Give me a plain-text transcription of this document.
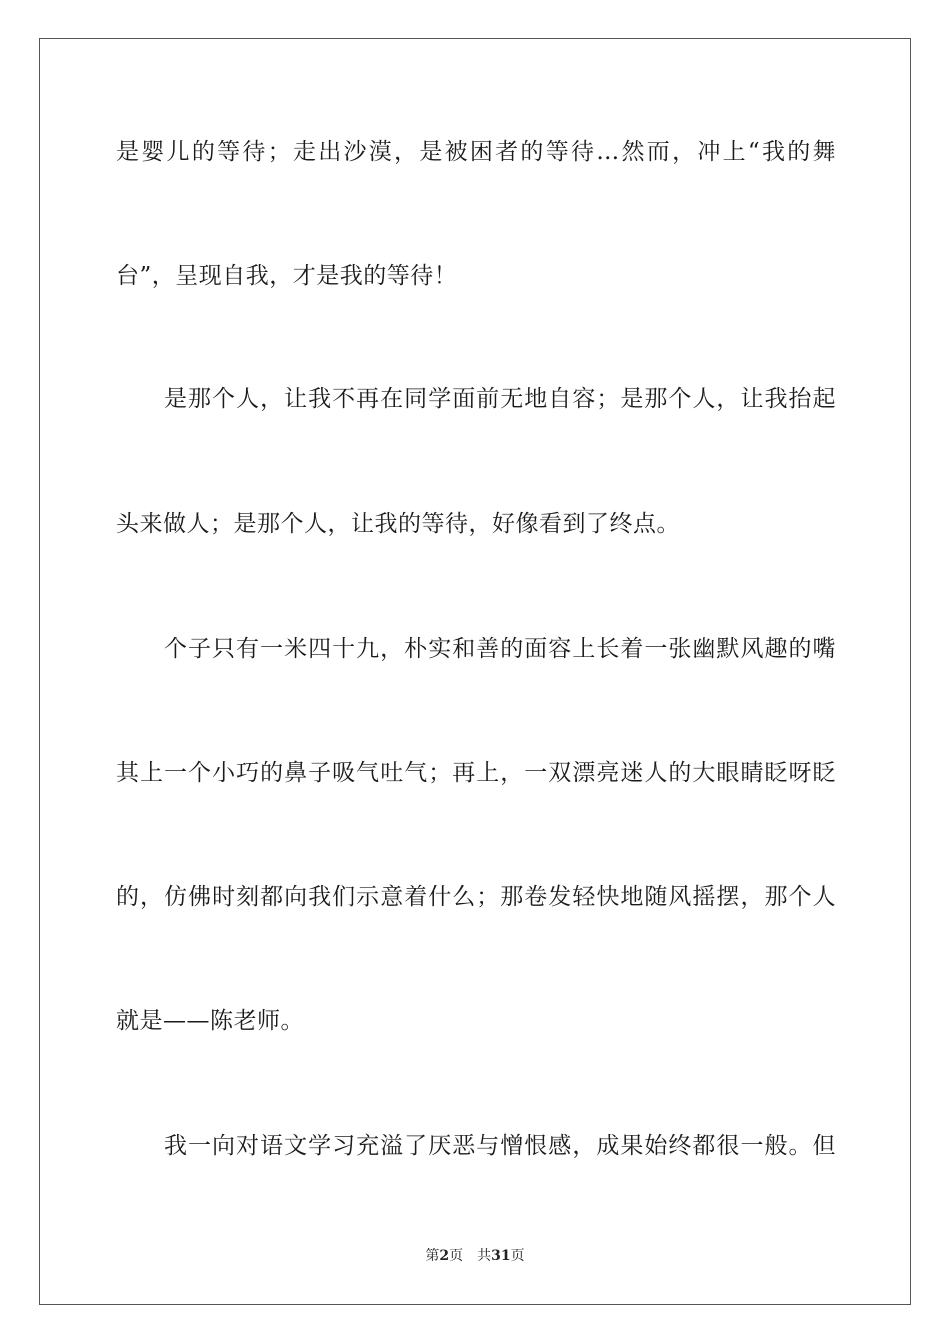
是婴儿的等待；走出沙漠，是被困者的等待…然而，冲上“我的舞
台”，呈现自我，才是我的等待！
是那个人，让我不再在同学面前无地自容；是那个人，让我抬起
头来做人；是那个人，让我的等待，好像看到了终点。
个子只有一米四十九，朴实和善的面容上长着一张幽默风趣的嘴
其上一个小巧的鼻子吸气吐气；再上，一双漂亮迷人的大眼睛眨呀眨
的，仿佛时刻都向我们示意着什么；那卷发轻快地随风摇摆，那个人
就是——陈老师。
我一向对语文学习充溢了厌恶与憎恨感，成果始终都很一般。但
第2页 共31页
